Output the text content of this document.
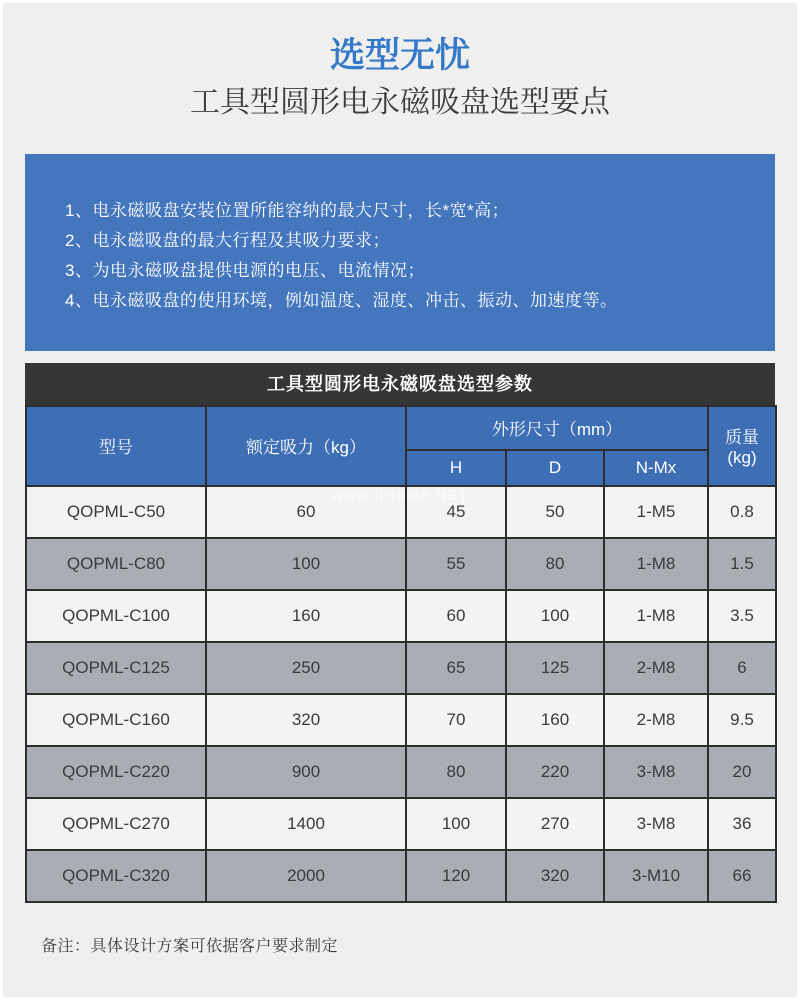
选型无忧
工具型圆形电永磁吸盘选型要点
1、电永磁吸盘安装位置所能容纳的最大尺寸，长*宽*高；
2、电永磁吸盘的最大行程及其吸力要求；
3、为电永磁吸盘提供电源的电压、电流情况；
4、电永磁吸盘的使用环境，例如温度、湿度、冲击、振动、加速度等。
工具型圆形电永磁吸盘选型参数
型号	额定吸力（kg）	外形尺寸（mm）			质量
(kg)
		H	D	N-Mx	
QOPML-C50	60	45	50	1-M5	0.8
QOPML-C80	100	55	80	1-M8	1.5
QOPML-C100	160	60	100	1-M8	3.5
QOPML-C125	250	65	125	2-M8	6
QOPML-C160	320	70	160	2-M8	9.5
QOPML-C220	900	80	220	3-M8	20
QOPML-C270	1400	100	270	3-M8	36
QOPML-C320	2000	120	320	3-M10	66
www.jiHome.NET
备注：具体设计方案可依据客户要求制定
